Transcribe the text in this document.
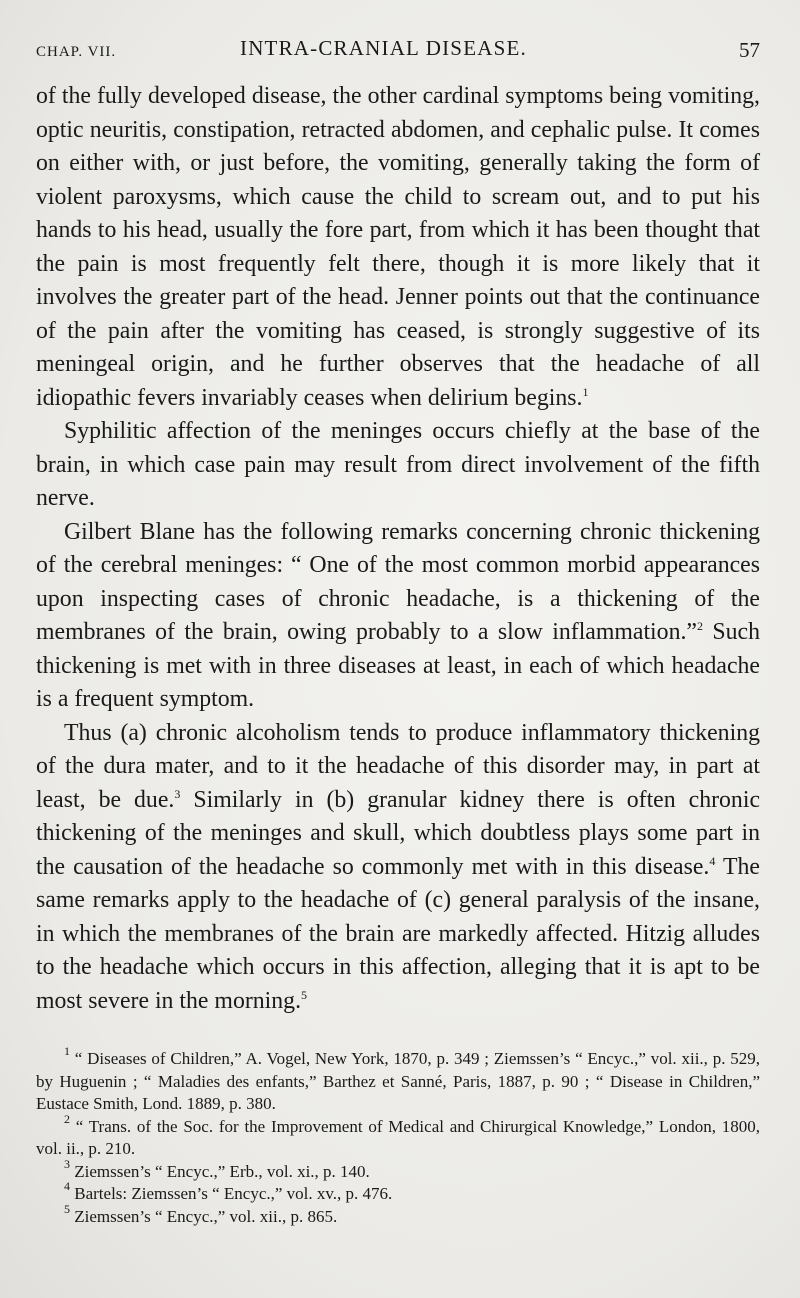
CHAP. VII.	INTRA-CRANIAL DISEASE.	57

of the fully developed disease, the other cardinal symptoms being vomiting, optic neuritis, constipation, retracted abdomen, and cephalic pulse. It comes on either with, or just before, the vomiting, generally taking the form of violent paroxysms, which cause the child to scream out, and to put his hands to his head, usually the fore part, from which it has been thought that the pain is most frequently felt there, though it is more likely that it involves the greater part of the head. Jenner points out that the continuance of the pain after the vomiting has ceased, is strongly suggestive of its meningeal origin, and he further observes that the headache of all idiopathic fevers invariably ceases when delirium begins.$^1$

Syphilitic affection of the meninges occurs chiefly at the base of the brain, in which case pain may result from direct involvement of the fifth nerve.

Gilbert Blane has the following remarks concerning chronic thickening of the cerebral meninges: “ One of the most common morbid appearances upon inspecting cases of chronic headache, is a thickening of the membranes of the brain, owing probably to a slow inflammation.”$^2$ Such thickening is met with in three diseases at least, in each of which headache is a frequent symptom.

Thus (a) chronic alcoholism tends to produce inflammatory thickening of the dura mater, and to it the headache of this disorder may, in part at least, be due.$^3$ Similarly in (b) granular kidney there is often chronic thickening of the meninges and skull, which doubtless plays some part in the causation of the headache so commonly met with in this disease.$^4$ The same remarks apply to the headache of (c) general paralysis of the insane, in which the membranes of the brain are markedly affected. Hitzig alludes to the headache which occurs in this affection, alleging that it is apt to be most severe in the morning.$^5$

$^1$ “ Diseases of Children,” A. Vogel, New York, 1870, p. 349 ; Ziemssen’s “ Encyc.,” vol. xii., p. 529, by Huguenin ; “ Maladies des enfants,” Barthez et Sanné, Paris, 1887, p. 90 ; “ Disease in Children,” Eustace Smith, Lond. 1889, p. 380.

$^2$ “ Trans. of the Soc. for the Improvement of Medical and Chirurgical Knowledge,” London, 1800, vol. ii., p. 210.

$^3$ Ziemssen’s “ Encyc.,” Erb., vol. xi., p. 140.

$^4$ Bartels: Ziemssen’s “ Encyc.,” vol. xv., p. 476.

$^5$ Ziemssen’s “ Encyc.,” vol. xii., p. 865.
